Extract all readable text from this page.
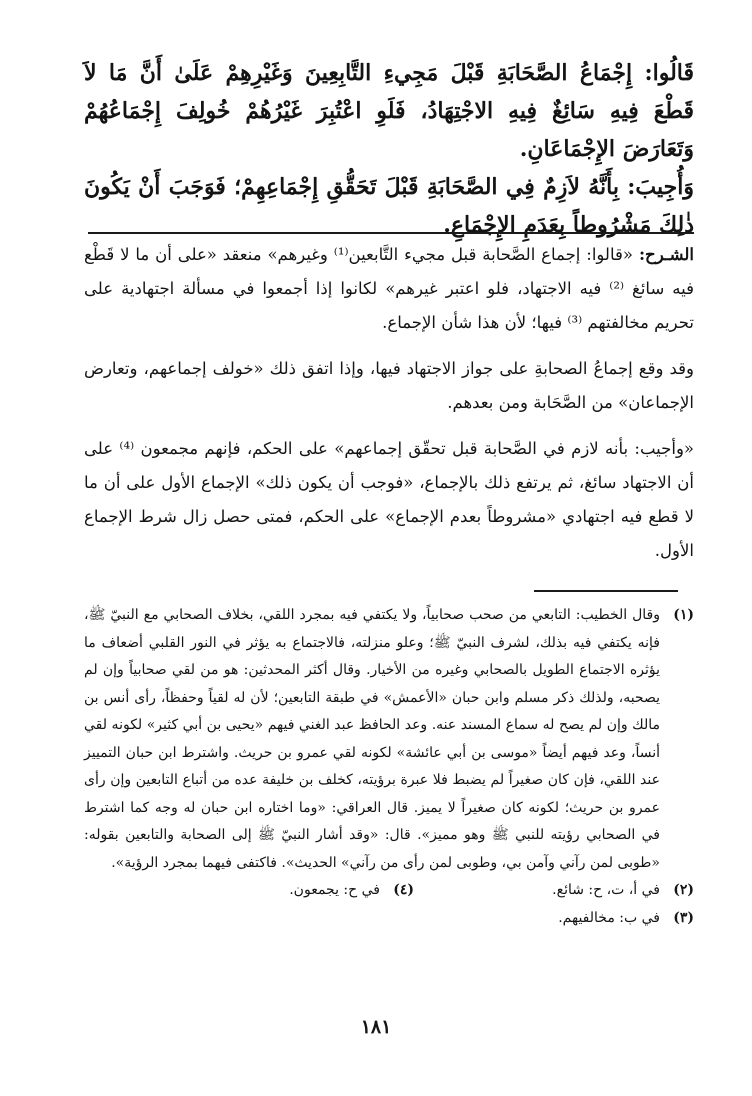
قَالُوا: إِجْمَاعُ الصَّحَابَةِ قَبْلَ مَجِيءِ التَّابِعِينَ وَغَيْرِهِمْ عَلَىٰ أَنَّ مَا لاَ قَطْعَ فِيهِ سَائِغٌ فِيهِ الاجْتِهَادُ، فَلَوِ اعْتُبِرَ غَيْرُهُمْ خُولِفَ إِجْمَاعُهُمْ وَتَعَارَضَ الإِجْمَاعَانِ.

وَأُجِيبَ: بِأَنَّهُ لاَزِمٌ فِي الصَّحَابَةِ قَبْلَ تَحَقُّقِ إِجْمَاعِهِمْ؛ فَوَجَبَ أَنْ يَكُونَ ذٰلِكَ مَشْرُوطاً بِعَدَمِ الإِجْمَاعِ.

الشـرح:«قالوا: إجماع الصَّحابة قبل مجيء التَّابعين⁽¹⁾ وغيرهم» منعقد «على أن ما لا قَطْع فيه سائغ ⁽²⁾ فيه الاجتهاد، فلو اعتبر غيرهم» لكانوا إذا أجمعوا في مسألة اجتهادية على تحريم مخالفتهم ⁽³⁾ فيها؛ لأن هذا شأن الإجماع.

وقد وقع إجماعُ الصحابةِ على جواز الاجتهاد فيها، وإذا اتفق ذلك «خولف إجماعهم، وتعارض الإجماعان» من الصَّحَابة ومن بعدهم.

«وأجيب: بأنه لازم في الصَّحابة قبل تحقّق إجماعهم» على الحكم، فإنهم مجمعون ⁽⁴⁾ على أن الاجتهاد سائغ، ثم يرتفع ذلك بالإجماع، «فوجب أن يكون ذلك» الإجماع الأول على أن ما لا قطع فيه اجتهادي «مشروطاً بعدم الإجماع» على الحكم، فمتى حصل زال شرط الإجماع الأول.

(١)
وقال الخطيب: التابعي من صحب صحابياً، ولا يكتفي فيه بمجرد اللقي، بخلاف الصحابي مع النبيّ ﷺ، فإنه يكتفي فيه بذلك، لشرف النبيّ ﷺ؛ وعلو منزلته، فالاجتماع به يؤثر في النور القلبي أضعاف ما يؤثره الاجتماع الطويل بالصحابي وغيره من الأخيار. وقال أكثر المحدثين: هو من لقي صحابياً وإن لم يصحبه، ولذلك ذكر مسلم وابن حبان «الأعمش» في طبقة التابعين؛ لأن له لقياً وحفظاً، رأى أنس بن مالك وإن لم يصح له سماع المسند عنه. وعد الحافظ عبد الغني فيهم «يحيى بن أبي كثير» لكونه لقي أنساً، وعد فيهم أيضاً «موسى بن أبي عائشة» لكونه لقي عمرو بن حريث. واشترط ابن حبان التمييز عند اللقي، فإن كان صغيراً لم يضبط فلا عبرة برؤيته، كخلف بن خليفة عده من أتباع التابعين وإن رأى عمرو بن حريث؛ لكونه كان صغيراً لا يميز. قال العراقي: «وما اختاره ابن حبان له وجه كما اشترط في الصحابي رؤيته للنبي ﷺ وهو مميز». قال: «وقد أشار النبيّ ﷺ إلى الصحابة والتابعين بقوله: «طوبى لمن رآني وآمن بي، وطوبى لمن رأى من رآني» الحديث». فاكتفى فيهما بمجرد الرؤية».
(٢)
في أ، ت، ح: شائع.
(٤)
في ح: يجمعون.
(٣)
في ب: مخالفيهم.
١٨١
